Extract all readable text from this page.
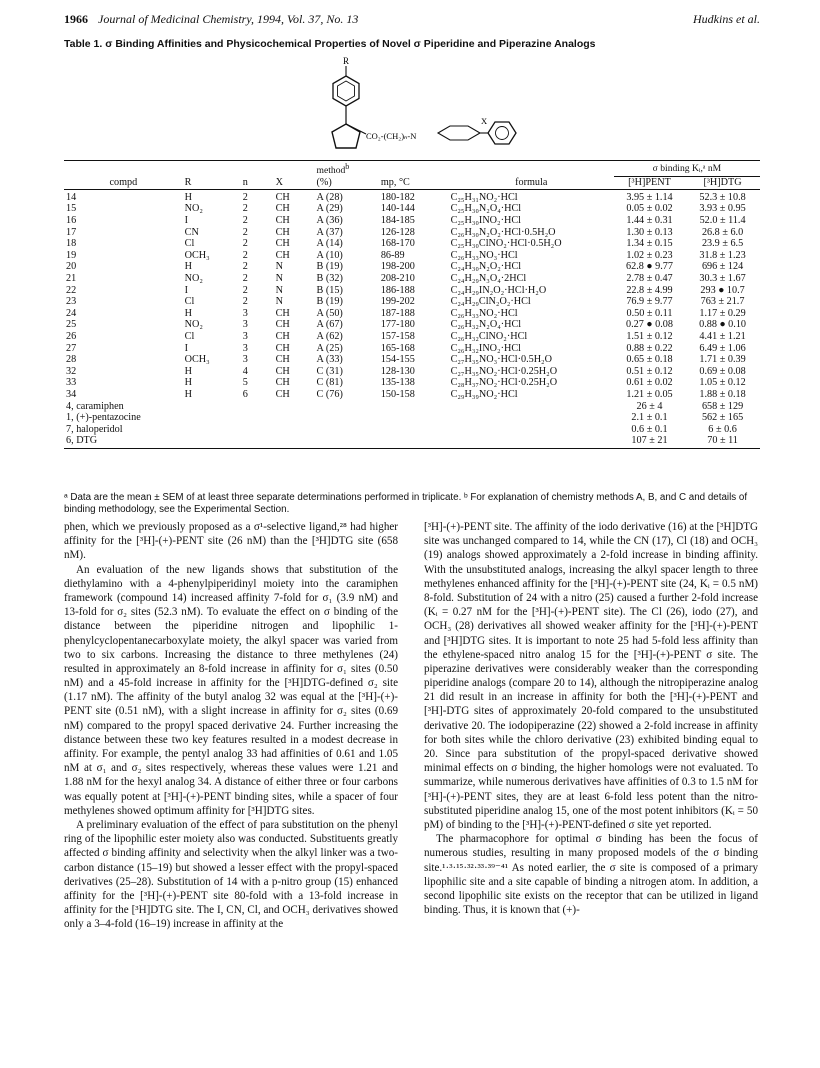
1966 Journal of Medicinal Chemistry, 1994, Vol. 37, No. 13	Hudkins et al.
Table 1. σ Binding Affinities and Physicochemical Properties of Novel σ Piperidine and Piperazine Analogs
R
CO₂-(CH₂)ₙ-N
X
				method$^b$			σ binding Kᵢ,ᵃ nM	
compd	R	n	X	(%)	mp, °C	formula	[³H]PENT	[³H]DTG
14	H	2	CH	A (28)	180-182	C₂₅H₃₁NO₂·HCl	3.95 ± 1.14	52.3 ± 10.8
15	NO₂	2	CH	A (29)	140-144	C₂₅H₃₀N₂O₄·HCl	0.05 ± 0.02	3.93 ± 0.95
16	I	2	CH	A (36)	184-185	C₂₅H₃₀INO₂·HCl	1.44 ± 0.31	52.0 ± 11.4
17	CN	2	CH	A (37)	126-128	C₂₆H₃₀N₂O₂·HCl·0.5H₂O	1.30 ± 0.13	26.8 ± 6.0
18	Cl	2	CH	A (14)	168-170	C₂₅H₃₀ClNO₂·HCl·0.5H₂O	1.34 ± 0.15	23.9 ± 6.5
19	OCH₃	2	CH	A (10)	86-89	C₂₆H₃₃NO₃·HCl	1.02 ± 0.23	31.8 ± 1.23
20	H	2	N	B (19)	198-200	C₂₄H₃₀N₂O₂·HCl	62.8 ● 9.77	696 ± 124
21	NO₂	2	N	B (32)	208-210	C₂₄H₂₉N₃O₄·2HCl	2.78 ± 0.47	30.3 ± 1.67
22	I	2	N	B (15)	186-188	C₂₄H₂₉IN₂O₂·HCl·H₂O	22.8 ± 4.99	293 ● 10.7
23	Cl	2	N	B (19)	199-202	C₂₄H₂₉ClN₂O₂·HCl	76.9 ± 9.77	763 ± 21.7
24	H	3	CH	A (50)	187-188	C₂₆H₃₃NO₂·HCl	0.50 ± 0.11	1.17 ± 0.29
25	NO₂	3	CH	A (67)	177-180	C₂₆H₃₂N₂O₄·HCl	0.27 ● 0.08	0.88 ● 0.10
26	Cl	3	CH	A (62)	157-158	C₂₆H₃₂ClNO₂·HCl	1.51 ± 0.12	4.41 ± 1.21
27	I	3	CH	A (25)	165-168	C₂₆H₃₂INO₂·HCl	0.88 ± 0.22	6.49 ± 1.06
28	OCH₃	3	CH	A (33)	154-155	C₂₇H₃₅NO₃·HCl·0.5H₂O	0.65 ± 0.18	1.71 ± 0.39
32	H	4	CH	C (31)	128-130	C₂₇H₃₅NO₂·HCl·0.25H₂O	0.51 ± 0.12	0.69 ± 0.08
33	H	5	CH	C (81)	135-138	C₂₈H₃₇NO₂·HCl·0.25H₂O	0.61 ± 0.02	1.05 ± 0.12
34	H	6	CH	C (76)	150-158	C₂₉H₃₉NO₂·HCl	1.21 ± 0.05	1.88 ± 0.18
4, caramiphen							26 ± 4	658 ± 129
1, (+)-pentazocine							2.1 ± 0.1	562 ± 165
7, haloperidol							0.6 ± 0.1	6 ± 0.6
6, DTG							107 ± 21	70 ± 11
ᵃ Data are the mean ± SEM of at least three separate determinations performed in triplicate. ᵇ For explanation of chemistry methods A, B, and C and details of binding methodology, see the Experimental Section.

phen, which we previously proposed as a σ¹-selective ligand,²⁸ had higher affinity for the [³H]-(+)-PENT site (26 nM) than the [³H]DTG site (658 nM).

An evaluation of the new ligands shows that substitution of the diethylamino with a 4-phenylpiperidinyl moiety into the caramiphen framework (compound 14) increased affinity 7-fold for σ₁ (3.9 nM) and 13-fold for σ₂ sites (52.3 nM). To evaluate the effect on σ binding of the distance between the piperidine nitrogen and lipophilic 1-phenylcyclopentanecarboxylate moiety, the alkyl spacer was varied from two to six carbons. Increasing the distance to three methylenes (24) resulted in approximately an 8-fold increase in affinity for σ₁ sites (0.50 nM) and a 45-fold increase in affinity for the [³H]DTG-defined σ₂ site (1.17 nM). The affinity of the butyl analog 32 was equal at the [³H]-(+)-PENT site (0.51 nM), with a slight increase in affinity for σ₂ sites (0.69 nM) compared to the propyl spaced derivative 24. Further increasing the distance between these two key features resulted in a modest decrease in affinity. For example, the pentyl analog 33 had affinities of 0.61 and 1.05 nM at σ₁ and σ₂ sites respectively, whereas these values were 1.21 and 1.88 nM for the hexyl analog 34. A distance of either three or four carbons was equally potent at [³H]-(+)-PENT binding sites, while a spacer of four methylenes showed optimum affinity for [³H]DTG sites.

A preliminary evaluation of the effect of para substitution on the phenyl ring of the lipophilic ester moiety also was conducted. Substituents greatly affected σ binding affinity and selectivity when the alkyl linker was a two-carbon distance (15–19) but showed a lesser effect with the propyl-spaced derivatives (25–28). Substitution of 14 with a p-nitro group (15) enhanced affinity for the [³H]-(+)-PENT site 80-fold with a 13-fold increase in affinity for the [³H]DTG site. The I, CN, Cl, and OCH₃ derivatives showed only a 3–4-fold (16–19) increase in affinity at the

[³H]-(+)-PENT site. The affinity of the iodo derivative (16) at the [³H]DTG site was unchanged compared to 14, while the CN (17), Cl (18) and OCH₃ (19) analogs showed approximately a 2-fold increase in binding affinity. With the unsubstituted analogs, increasing the alkyl spacer length to three methylenes enhanced affinity for the [³H]-(+)-PENT site (24, Kᵢ = 0.5 nM) 8-fold. Substitution of 24 with a nitro (25) caused a further 2-fold increase (Kᵢ = 0.27 nM for the [³H]-(+)-PENT site). The Cl (26), iodo (27), and OCH₃ (28) derivatives all showed weaker affinity for the [³H]-(+)-PENT and [³H]DTG sites. It is important to note 25 had 5-fold less affinity than the ethylene-spaced nitro analog 15 for the [³H]-(+)-PENT σ site. The piperazine derivatives were considerably weaker than the corresponding piperidine analogs (compare 20 to 14), although the nitropiperazine analog 21 did result in an increase in affinity for both the [³H]-(+)-PENT and [³H]-DTG sites of approximately 20-fold compared to the unsubstituted derivative 20. The iodopiperazine (22) showed a 2-fold increase in affinity for both sites while the chloro derivative (23) exhibited binding equal to 20. Since para substitution of the propyl-spaced derivative showed minimal effects on σ binding, the higher homologs were not evaluated. To summarize, while numerous derivatives have affinities of 0.3 to 1.5 nM for [³H]-(+)-PENT sites, they are at least 6-fold less potent than the nitro-substituted piperidine analog 15, one of the most potent inhibitors (Kᵢ = 50 pM) of binding to the [³H]-(+)-PENT-defined σ site yet reported.

The pharmacophore for optimal σ binding has been the focus of numerous studies, resulting in many proposed models of the σ binding site.¹·³·¹⁵·³²·³³·³⁹⁻⁴¹ As noted earlier, the σ site is composed of a primary lipophilic site and a site capable of binding a nitrogen atom. In addition, a second lipophilic site exists on the receptor that can be utilized in ligand binding. Thus, it is known that (+)-
